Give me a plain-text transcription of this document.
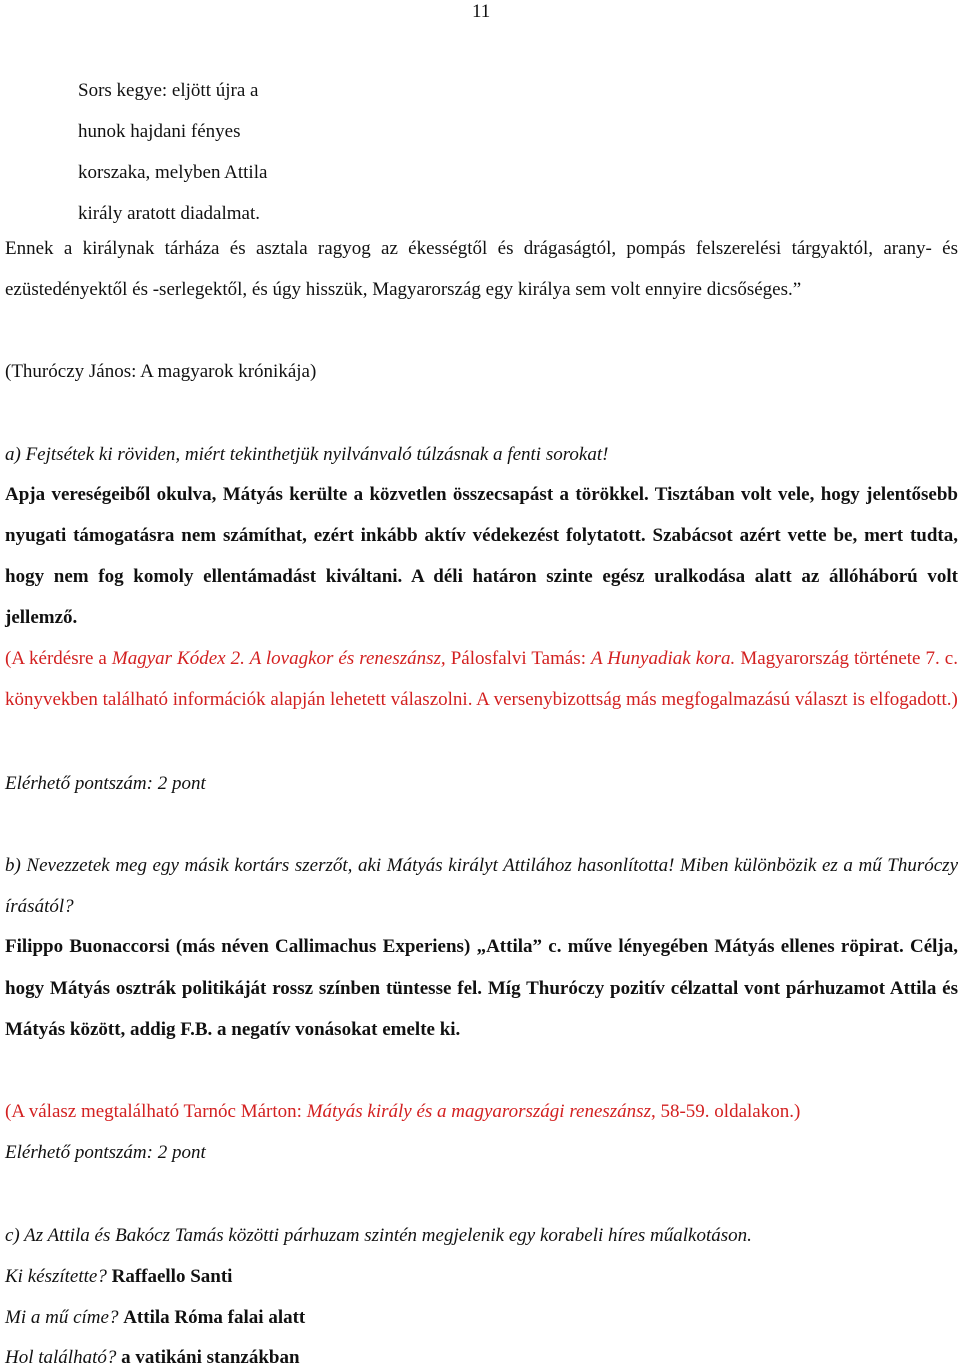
11
Sors kegye: eljött újra a
hunok hajdani fényes
korszaka, melyben Attila
király aratott diadalmat.
Ennek a királynak tárháza és asztala ragyog az ékességtől és drágaságtól, pompás felszerelési tárgyaktól, arany- és ezüstedényektől és -serlegektől, és úgy hisszük, Magyarország egy királya sem volt ennyire dicsőséges.”
(Thuróczy János: A magyarok krónikája)
a) Fejtsétek ki röviden, miért tekinthetjük nyilvánvaló túlzásnak a fenti sorokat!
Apja vereségeiből okulva, Mátyás kerülte a közvetlen összecsapást a törökkel. Tisztában volt vele, hogy jelentősebb nyugati támogatásra nem számíthat, ezért inkább aktív védekezést folytatott. Szabácsot azért vette be, mert tudta, hogy nem fog komoly ellentámadást kiváltani. A déli határon szinte egész uralkodása alatt az állóháború volt jellemző.
(A kérdésre a Magyar Kódex 2. A lovagkor és reneszánsz, Pálosfalvi Tamás: A Hunyadiak kora. Magyarország története 7. c. könyvekben található információk alapján lehetett válaszolni. A versenybizottság más megfogalmazású választ is elfogadott.)
Elérhető pontszám: 2 pont
b) Nevezzetek meg egy másik kortárs szerzőt, aki Mátyás királyt Attilához hasonlította! Miben különbözik ez a mű Thuróczy írásától?
Filippo Buonaccorsi (más néven Callimachus Experiens) „Attila” c. műve lényegében Mátyás ellenes röpirat. Célja, hogy Mátyás osztrák politikáját rossz színben tüntesse fel. Míg Thuróczy pozitív célzattal vont párhuzamot Attila és Mátyás között, addig F.B. a negatív vonásokat emelte ki.
(A válasz megtalálható Tarnóc Márton: Mátyás király és a magyarországi reneszánsz, 58-59. oldalakon.)
Elérhető pontszám: 2 pont
c) Az Attila és Bakócz Tamás közötti párhuzam szintén megjelenik egy korabeli híres műalkotáson.
Ki készítette? Raffaello Santi
Mi a mű címe? Attila Róma falai alatt
Hol található? a vatikáni stanzákban
